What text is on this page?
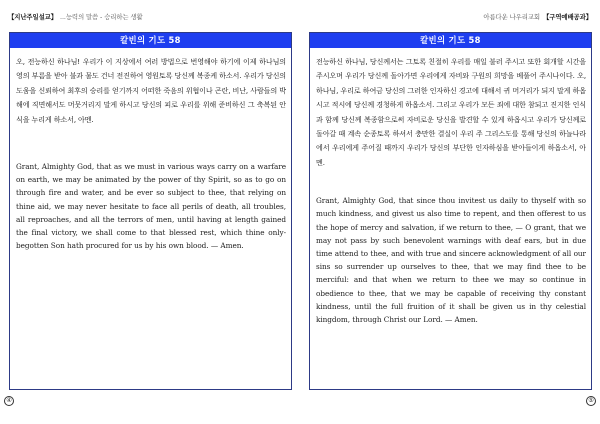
【지난주일설교】 ...능력의 말씀 - 승리하는 생활
칼빈의 기도 58

오, 전능하신 하나님! 우리가 이 지상에서 여러 방법으로 번영해야 하기에 이제 하나님의 영의 부름을 받아 불과 물도 건너 전진하여 영원토록 당신께 복종케 하소서. 우리가 당신의 도움을 신뢰하여 최후의 승리를 얻기까지 어떠한 죽음의 위협이나 곤란, 비난, 사람들의 박해에 직면해서도 머뭇거리지 말게 하시고 당신의 피로 우리를 위해 준비하신 그 축복된 안식을 누리게 하소서, 아멘.

Grant, Almighty God, that as we must in various ways carry on a warfare on earth, we may be animated by the power of thy Spirit, so as to go on through fire and water, and be ever so subject to thee, that relying on thine aid, we may never hesitate to face all perils of death, all troubles, all reproaches, and all the terrors of men, until having at length gained the final victory, we shall come to that blessed rest, which thine only-begotten Son hath procured for us by his own blood. — Amen.

④
아름다운 나우리교회 【구역예배공과】
칼빈의 기도 58

전능하신 하나님, 당신께서는 그토록 친절히 우리를 매일 불러 주시고 또한 회개할 시간을 주시오며 우리가 당신께 돌아가면 우리에게 자비와 구원의 희망을 베풀어 주시나이다. 오, 하나님, 우리로 하여금 당신의 그러한 인자하신 경고에 대해서 귀 머거리가 되지 말게 하옵시고 적시에 당신께 경청하게 하옵소서. 그리고 우리가 모든 죄에 대한 참되고 진지한 인식과 함께 당신께 복종함으로써 자비로운 당신을 발견할 수 있게 하옵시고 우리가 당신께로 돌아갈 때 계속 순종토록 하셔서 충만한 결실이 우리 주 그리스도를 통해 당신의 하늘나라에서 우리에게 주어질 때까지 우리가 당신의 부단한 인자하심을 받아들이게 하옵소서, 아멘.

Grant, Almighty God, that since thou invitest us daily to thyself with so much kindness, and givest us also time to repent, and then offerest to us the hope of mercy and salvation, if we return to thee, — O grant, that we may not pass by such benevolent warnings with deaf ears, but in due time attend to thee, and with true and sincere acknowledgment of all our sins so surrender up ourselves to thee, that we may find thee to be merciful: and that when we return to thee we may so continue in obedience to thee, that we may be capable of receiving thy constant kindness, until the full fruition of it shall be given us in thy celestial kingdom, through Christ our Lord. — Amen.

⑤
